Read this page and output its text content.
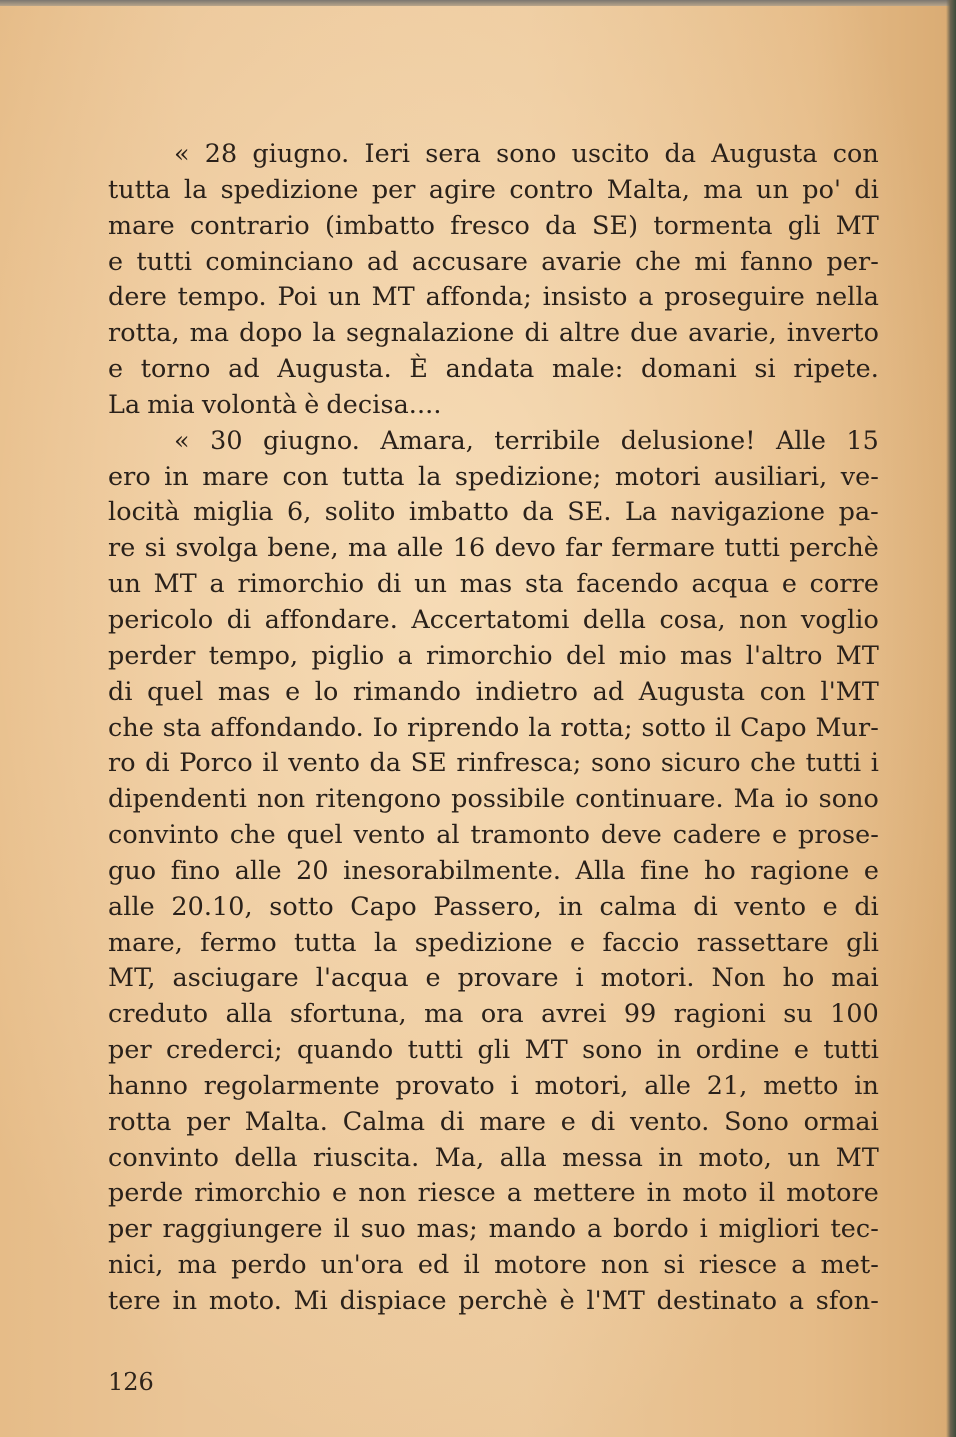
« 28 giugno. Ieri sera sono uscito da Augusta con
tutta la spedizione per agire contro Malta, ma un po' di
mare contrario (imbatto fresco da SE) tormenta gli MT
e tutti cominciano ad accusare avarie che mi fanno per-
dere tempo. Poi un MT affonda; insisto a proseguire nella
rotta, ma dopo la segnalazione di altre due avarie, inverto
e torno ad Augusta. È andata male: domani si ripete.
La mia volontà è decisa....
« 30 giugno. Amara, terribile delusione! Alle 15
ero in mare con tutta la spedizione; motori ausiliari, ve-
locità miglia 6, solito imbatto da SE. La navigazione pa-
re si svolga bene, ma alle 16 devo far fermare tutti perchè
un MT a rimorchio di un mas sta facendo acqua e corre
pericolo di affondare. Accertatomi della cosa, non voglio
perder tempo, piglio a rimorchio del mio mas l'altro MT
di quel mas e lo rimando indietro ad Augusta con l'MT
che sta affondando. Io riprendo la rotta; sotto il Capo Mur-
ro di Porco il vento da SE rinfresca; sono sicuro che tutti i
dipendenti non ritengono possibile continuare. Ma io sono
convinto che quel vento al tramonto deve cadere e prose-
guo fino alle 20 inesorabilmente. Alla fine ho ragione e
alle 20.10, sotto Capo Passero, in calma di vento e di
mare, fermo tutta la spedizione e faccio rassettare gli
MT, asciugare l'acqua e provare i motori. Non ho mai
creduto alla sfortuna, ma ora avrei 99 ragioni su 100
per crederci; quando tutti gli MT sono in ordine e tutti
hanno regolarmente provato i motori, alle 21, metto in
rotta per Malta. Calma di mare e di vento. Sono ormai
convinto della riuscita. Ma, alla messa in moto, un MT
perde rimorchio e non riesce a mettere in moto il motore
per raggiungere il suo mas; mando a bordo i migliori tec-
nici, ma perdo un'ora ed il motore non si riesce a met-
tere in moto. Mi dispiace perchè è l'MT destinato a sfon-
126
